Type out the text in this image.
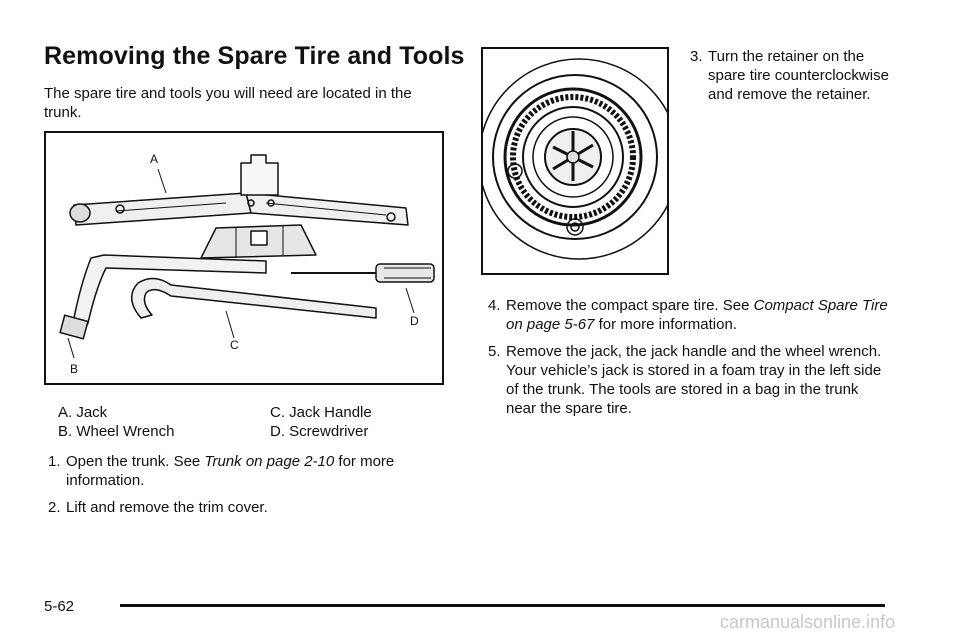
Removing the Spare Tire and Tools
The spare tire and tools you will need are located in the trunk.
A
B
C
D
A. Jack	C. Jack Handle
B. Wheel Wrench	D. Screwdriver
1. Open the trunk. See Trunk on page 2-10 for more information.
2. Lift and remove the trim cover.
3. Turn the retainer on the spare tire counterclockwise and remove the retainer.
4. Remove the compact spare tire. See Compact Spare Tire on page 5-67 for more information.
5. Remove the jack, the jack handle and the wheel wrench. Your vehicle’s jack is stored in a foam tray in the left side of the trunk. The tools are stored in a bag in the trunk near the spare tire.
5-62
carmanualsonline.info
